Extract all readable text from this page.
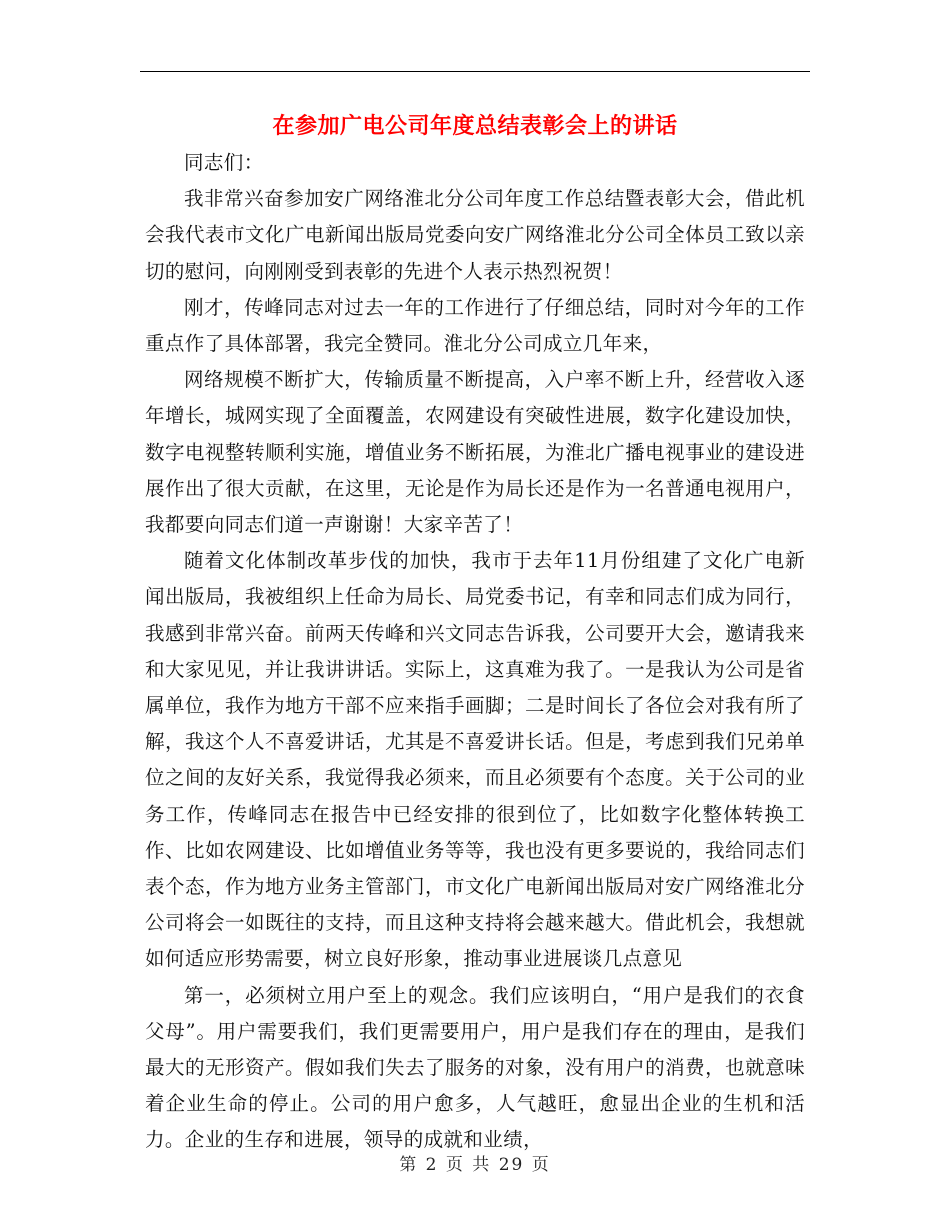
在参加广电公司年度总结表彰会上的讲话

同志们：

我非常兴奋参加安广网络淮北分公司年度工作总结暨表彰大会，借此机会我代表市文化广电新闻出版局党委向安广网络淮北分公司全体员工致以亲切的慰问，向刚刚受到表彰的先进个人表示热烈祝贺！

刚才，传峰同志对过去一年的工作进行了仔细总结，同时对今年的工作重点作了具体部署，我完全赞同。淮北分公司成立几年来，

网络规模不断扩大，传输质量不断提高，入户率不断上升，经营收入逐年增长，城网实现了全面覆盖，农网建设有突破性进展，数字化建设加快，数字电视整转顺利实施，增值业务不断拓展，为淮北广播电视事业的建设进展作出了很大贡献，在这里，无论是作为局长还是作为一名普通电视用户，我都要向同志们道一声谢谢！大家辛苦了！

随着文化体制改革步伐的加快，我市于去年11月份组建了文化广电新闻出版局，我被组织上任命为局长、局党委书记，有幸和同志们成为同行，我感到非常兴奋。前两天传峰和兴文同志告诉我，公司要开大会，邀请我来和大家见见，并让我讲讲话。实际上，这真难为我了。一是我认为公司是省属单位，我作为地方干部不应来指手画脚；二是时间长了各位会对我有所了解，我这个人不喜爱讲话，尤其是不喜爱讲长话。但是，考虑到我们兄弟单位之间的友好关系，我觉得我必须来，而且必须要有个态度。关于公司的业务工作，传峰同志在报告中已经安排的很到位了，比如数字化整体转换工作、比如农网建设、比如增值业务等等，我也没有更多要说的，我给同志们表个态，作为地方业务主管部门，市文化广电新闻出版局对安广网络淮北分公司将会一如既往的支持，而且这种支持将会越来越大。借此机会，我想就如何适应形势需要，树立良好形象，推动事业进展谈几点意见

第一，必须树立用户至上的观念。我们应该明白，“用户是我们的衣食父母”。用户需要我们，我们更需要用户，用户是我们存在的理由，是我们最大的无形资产。假如我们失去了服务的对象，没有用户的消费，也就意味着企业生命的停止。公司的用户愈多，人气越旺，愈显出企业的生机和活力。企业的生存和进展，领导的成就和业绩，

第 2 页 共 29 页
